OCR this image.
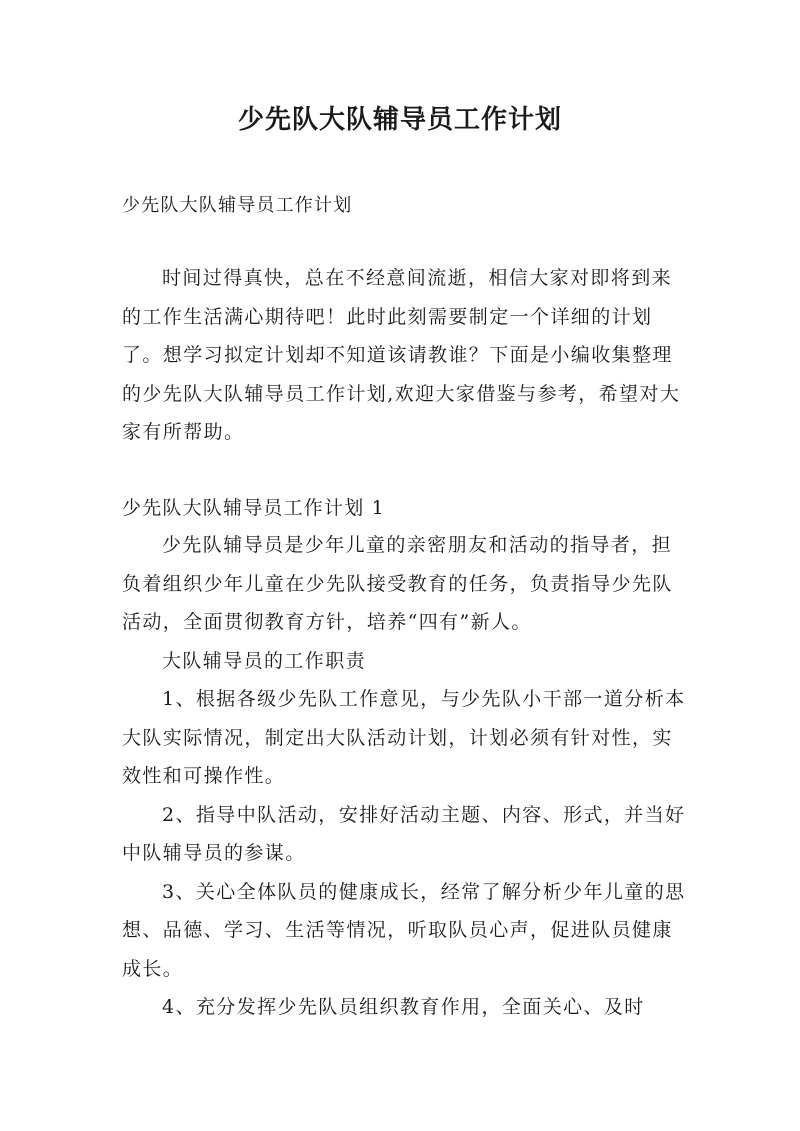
少先队大队辅导员工作计划

少先队大队辅导员工作计划

时间过得真快，总在不经意间流逝，相信大家对即将到来的工作生活满心期待吧！此时此刻需要制定一个详细的计划了。想学习拟定计划却不知道该请教谁？下面是小编收集整理的少先队大队辅导员工作计划,欢迎大家借鉴与参考，希望对大家有所帮助。

少先队大队辅导员工作计划 1

少先队辅导员是少年儿童的亲密朋友和活动的指导者，担负着组织少年儿童在少先队接受教育的任务，负责指导少先队活动，全面贯彻教育方针，培养“四有”新人。

大队辅导员的工作职责

1、根据各级少先队工作意见，与少先队小干部一道分析本大队实际情况，制定出大队活动计划，计划必须有针对性，实效性和可操作性。

2、指导中队活动，安排好活动主题、内容、形式，并当好中队辅导员的参谋。

3、关心全体队员的健康成长，经常了解分析少年儿童的思想、品德、学习、生活等情况，听取队员心声，促进队员健康成长。

4、充分发挥少先队员组织教育作用，全面关心、及时
